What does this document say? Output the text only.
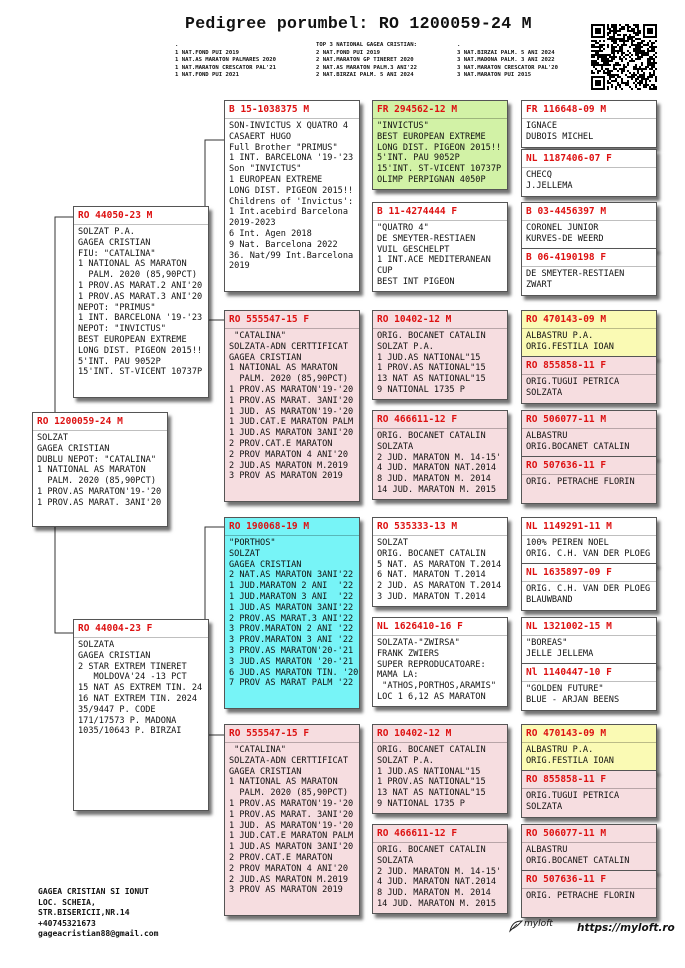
Pedigree porumbel: RO 1200059-24 M
.
1 NAT.FOND PUI 2019
1 NAT.AS MARATON PALMARES 2020
1 NAT.MARATON CRESCATOR PAL'21
1 NAT.FOND PUI 2021
TOP 3 NATIONAL GAGEA CRISTIAN:
2 NAT.FOND PUI 2019
2 NAT.MARATON GP TINERET 2020
2 NAT.AS MARATON PALM.3 ANI'22
2 NAT.BIRZAI PALM. 5 ANI 2024
.
3 NAT.BIRZAI PALM. 5 ANI 2024
3 NAT.MADONA PALM. 3 ANI 2022
3 NAT.MARATON CRESCATOR PAL'20
3 NAT.MARATON PUI 2015
RO 1200059-24 M
SOLZAT
GAGEA CRISTIAN
DUBLU NEPOT: "CATALINA"
1 NATIONAL AS MARATON
PALM. 2020 (85,90PCT)
1 PROV.AS MARATON'19-'20
1 PROV.AS MARAT. 3ANI'20
RO 44050-23 M
SOLZAT P.A.
GAGEA CRISTIAN
FIU: "CATALINA"
1 NATIONAL AS MARATON
PALM. 2020 (85,90PCT)
1 PROV.AS MARAT.2 ANI'20
1 PROV.AS MARAT.3 ANI'20
NEPOT: "PRIMUS"
1 INT. BARCELONA '19-'23
NEPOT: "INVICTUS"
BEST EUROPEAN EXTREME
LONG DIST. PIGEON 2015!!
5'INT. PAU 9052P
15'INT. ST-VICENT 10737P
RO 44004-23 F
SOLZATA
GAGEA CRISTIAN
2 STAR EXTREM TINERET
MOLDOVA'24 -13 PCT
15 NAT AS EXTREM TIN. 24
16 NAT EXTREM TIN. 2024
35/9447 P. CODE
171/17573 P. MADONA
1035/10643 P. BIRZAI
B 15-1038375 M
SON-INVICTUS X QUATRO 4
CASAERT HUGO
Full Brother "PRIMUS"
1 INT. BARCELONA '19-'23
Son "INVICTUS"
1 EUROPEAN EXTREME
LONG DIST. PIGEON 2015!!
Childrens of 'Invictus':
1 Int.acebird Barcelona
2019-2023
6 Int. Agen 2018
9 Nat. Barcelona 2022
36. Nat/99 Int.Barcelona
2019
RO 555547-15 F
"CATALINA"
SOLZATA-ADN CERTTIFICAT
GAGEA CRISTIAN
1 NATIONAL AS MARATON
PALM. 2020 (85,90PCT)
1 PROV.AS MARATON'19-'20
1 PROV.AS MARAT. 3ANI'20
1 JUD. AS MARATON'19-'20
1 JUD.CAT.E MARATON PALM
1 JUD.AS MARATON 3ANI'20
2 PROV.CAT.E MARATON
2 PROV MARATON 4 ANI'20
2 JUD.AS MARATON M.2019
3 PROV AS MARATON 2019
RO 190068-19 M
"PORTHOS"
SOLZAT
GAGEA CRISTIAN
2 NAT.AS MARATON 3ANI'22
1 JUD.MARATON 2 ANI  '22
1 JUD.MARATON 3 ANI  '22
1 JUD.AS MARATON 3ANI'22
2 PROV.AS MARAT.3 ANI'22
3 PROV.MARATON 2 ANI '22
3 PROV.MARATON 3 ANI '22
3 PROV.AS MARATON'20-'21
3 JUD.AS MARATON '20-'21
6 JUD.AS MARATON TIN. '20
7 PROV AS MARAT PALM '22
RO 555547-15 F
"CATALINA"
SOLZATA-ADN CERTTIFICAT
GAGEA CRISTIAN
1 NATIONAL AS MARATON
PALM. 2020 (85,90PCT)
1 PROV.AS MARATON'19-'20
1 PROV.AS MARAT. 3ANI'20
1 JUD. AS MARATON'19-'20
1 JUD.CAT.E MARATON PALM
1 JUD.AS MARATON 3ANI'20
2 PROV.CAT.E MARATON
2 PROV MARATON 4 ANI'20
2 JUD.AS MARATON M.2019
3 PROV AS MARATON 2019
FR 294562-12 M
"INVICTUS"
BEST EUROPEAN EXTREME
LONG DIST. PIGEON 2015!!
5'INT. PAU 9052P
15'INT. ST-VICENT 10737P
OLIMP PERPIGNAN 4050P
B 11-4274444 F
"QUATRO 4"
DE SMEYTER-RESTIAEN
VUIL GESCHELPT
1 INT.ACE MEDITERANEAN
CUP
BEST INT PIGEON
RO 10402-12 M
ORIG. BOCANET CATALIN
SOLZAT P.A.
1 JUD.AS NATIONAL"15
1 PROV.AS NATIONAL"15
13 NAT AS NATIONAL"15
9 NATIONAL 1735 P
RO 466611-12 F
ORIG. BOCANET CATALIN
SOLZATA
2 JUD. MARATON M. 14-15'
4 JUD. MARATON NAT.2014
8 JUD. MARATON M. 2014
14 JUD. MARATON M. 2015
RO 535333-13 M
SOLZAT
ORIG. BOCANET CATALIN
5 NAT. AS MARATON T.2014
6 NAT. MARATON T.2014
2 JUD. AS MARATON T.2014
3 JUD. MARATON T.2014
NL 1626410-16 F
SOLZATA-"ZWIRSA"
FRANK ZWIERS
SUPER REPRODUCATOARE:
MAMA LA:
"ATHOS,PORTHOS,ARAMIS"
LOC 1 6,12 AS MARATON
RO 10402-12 M
ORIG. BOCANET CATALIN
SOLZAT P.A.
1 JUD.AS NATIONAL"15
1 PROV.AS NATIONAL"15
13 NAT AS NATIONAL"15
9 NATIONAL 1735 P
RO 466611-12 F
ORIG. BOCANET CATALIN
SOLZATA
2 JUD. MARATON M. 14-15'
4 JUD. MARATON NAT.2014
8 JUD. MARATON M. 2014
14 JUD. MARATON M. 2015
FR 116648-09 M
IGNACE
DUBOIS MICHEL
NL 1187406-07 F
CHECQ
J.JELLEMA
B 03-4456397 M
CORONEL JUNIOR
KURVES-DE WEERD
B 06-4190198 F
DE SMEYTER-RESTIAEN
ZWART
RO 470143-09 M
ALBASTRU P.A.
ORIG.FESTILA IOAN
RO 855858-11 F
ORIG.TUGUI PETRICA
SOLZATA
RO 506077-11 M
ALBASTRU
ORIG.BOCANET CATALIN
RO 507636-11 F
ORIG. PETRACHE FLORIN
NL 1149291-11 M
100% PEIREN NOEL
ORIG. C.H. VAN DER PLOEG
NL 1635897-09 F
ORIG. C.H. VAN DER PLOEG
BLAUWBAND
NL 1321002-15 M
"BOREAS"
JELLE JELLEMA
Nl 1140447-10 F
"GOLDEN FUTURE"
BLUE - ARJAN BEENS
RO 470143-09 M
ALBASTRU P.A.
ORIG.FESTILA IOAN
RO 855858-11 F
ORIG.TUGUI PETRICA
SOLZATA
RO 506077-11 M
ALBASTRU
ORIG.BOCANET CATALIN
RO 507636-11 F
ORIG. PETRACHE FLORIN
GAGEA CRISTIAN SI IONUT
LOC. SCHEIA,
STR.BISERICII,NR.14
+40745321673
gageacristian88@gmail.com
myloft https://myloft.ro
